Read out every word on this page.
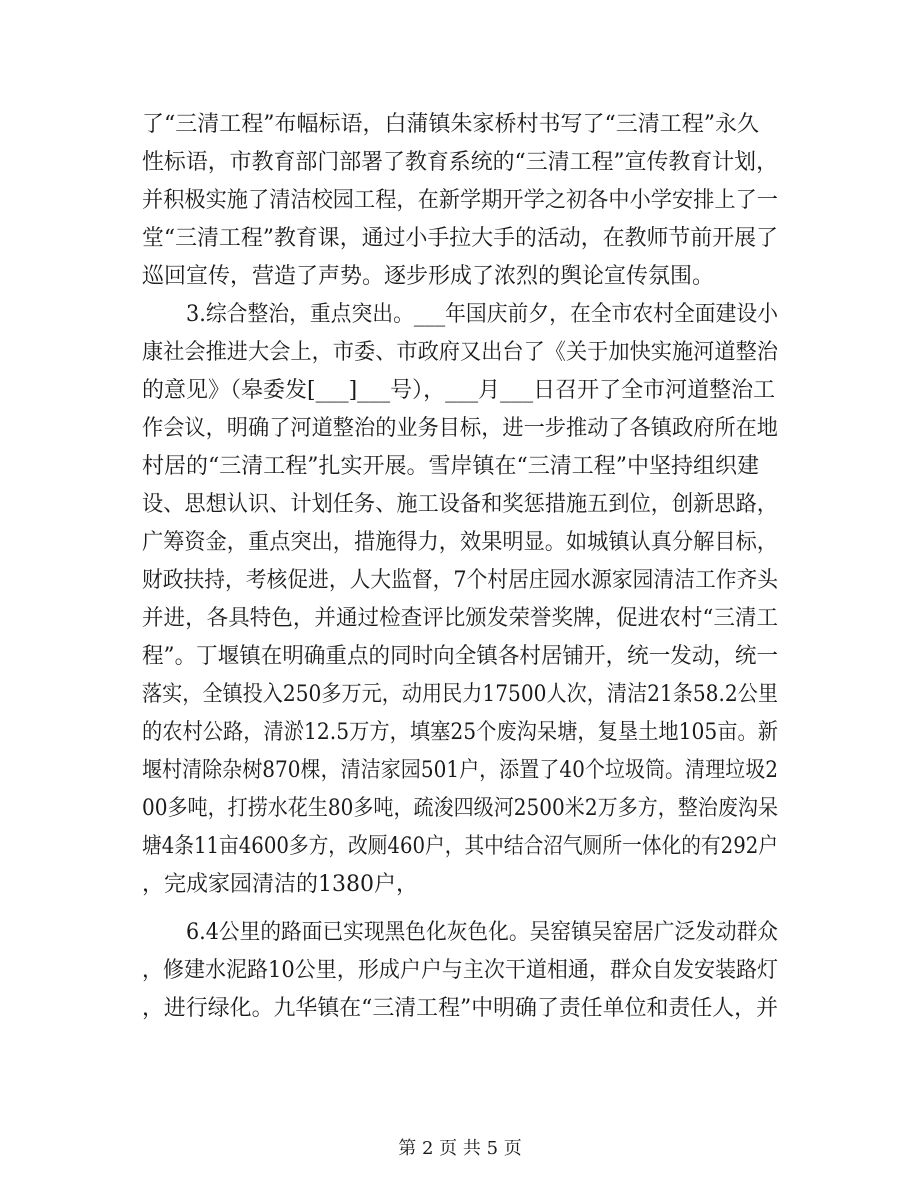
了“三清工程”布幅标语，白蒲镇朱家桥村书写了“三清工程”永久
性标语，市教育部门部署了教育系统的“三清工程”宣传教育计划，
并积极实施了清洁校园工程，在新学期开学之初各中小学安排上了一
堂“三清工程”教育课，通过小手拉大手的活动，在教师节前开展了
巡回宣传，营造了声势。逐步形成了浓烈的舆论宣传氛围。
3.综合整治，重点突出。___年国庆前夕，在全市农村全面建设小
康社会推进大会上，市委、市政府又出台了《关于加快实施河道整治
的意见》（皋委发[___]___号），___月___日召开了全市河道整治工
作会议，明确了河道整治的业务目标，进一步推动了各镇政府所在地
村居的“三清工程”扎实开展。雪岸镇在“三清工程”中坚持组织建
设、思想认识、计划任务、施工设备和奖惩措施五到位，创新思路，
广筹资金，重点突出，措施得力，效果明显。如城镇认真分解目标，
财政扶持，考核促进，人大监督，7个村居庄园水源家园清洁工作齐头
并进，各具特色，并通过检查评比颁发荣誉奖牌，促进农村“三清工
程”。丁堰镇在明确重点的同时向全镇各村居铺开，统一发动，统一
落实，全镇投入250多万元，动用民力17500人次，清洁21条58.2公里
的农村公路，清淤12.5万方，填塞25个废沟呆塘，复垦土地105亩。新
堰村清除杂树870棵，清洁家园501户，添置了40个垃圾筒。清理垃圾2
00多吨，打捞水花生80多吨，疏浚四级河2500米2万多方，整治废沟呆
塘4条11亩4600多方，改厕460户，其中结合沼气厕所一体化的有292户
，完成家园清洁的1380户，
6.4公里的路面已实现黑色化灰色化。吴窑镇吴窑居广泛发动群众
，修建水泥路10公里，形成户户与主次干道相通，群众自发安装路灯
，进行绿化。九华镇在“三清工程”中明确了责任单位和责任人，并
第 2 页 共 5 页
